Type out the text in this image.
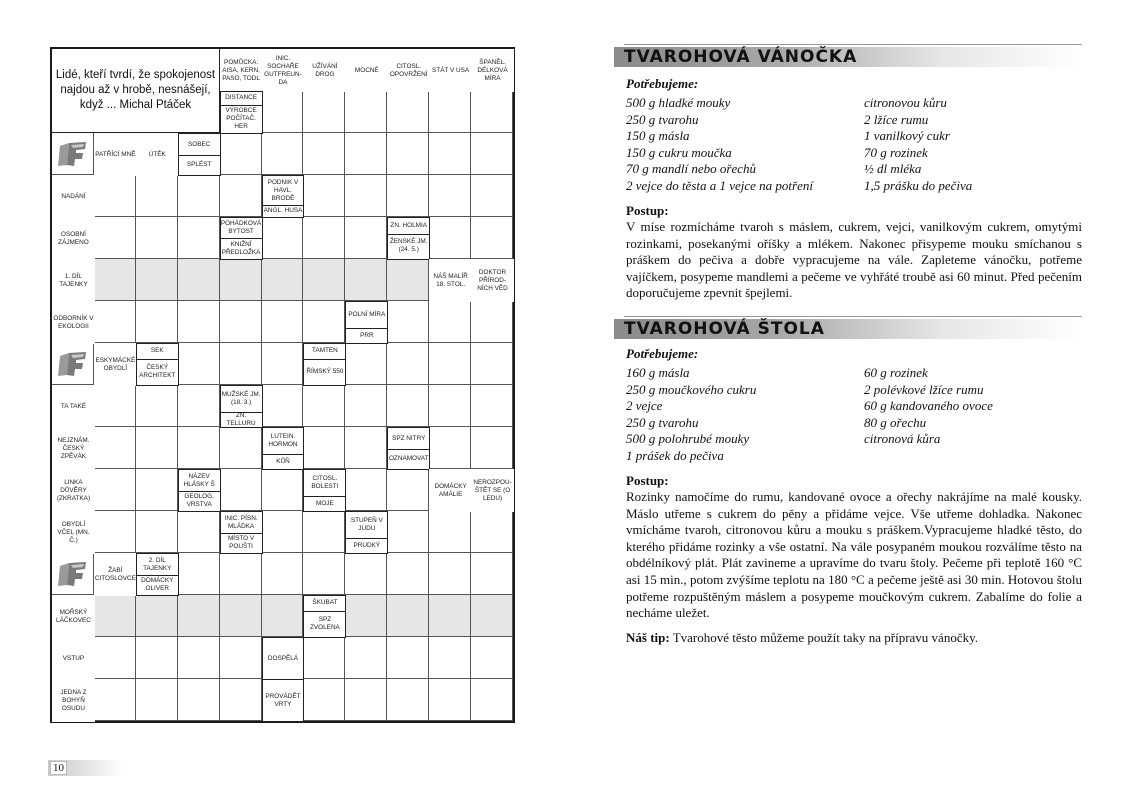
Lidé, kteří tvrdí, že spokojenost najdou až v hrobě, nesnášejí, když ... Michal Ptáček
POMŮCKA: AISA, KERN, PASO, TODL
INIC. SOCHAŘE GUTFREUN-DA
UŽÍVÁNÍ DROG
MOCNÉ
CITOSL. OPOVRŽENÍ
STÁT V USA
ŠPANĚL. DÉLKOVÁ MÍRA
DISTANCE
VÝROBCE POČÍTAČ. HER
PATŘÍCÍ MNĚ	ÚTĚK
SOBEC
SPLÉST
NADÁNÍ
PODNIK V HAVL. BRODĚ
ANGL. HUSA
OSOBNÍ ZÁJMENO
POHÁDKOVÁ BYTOST
KNIŽNÍ PŘEDLOŽKA
ZN. HOLMIA
ŽENSKÉ JM. (24. 5.)
1. DÍL TAJENKY
NÁŠ MALÍŘ 18. STOL.
DOKTOR PŘÍROD-NÍCH VĚD
ODBORNÍK V EKOLOGII
POLNÍ MÍRA
PRR
ESKYMÁCKÉ OBYDLÍ
SEK
ČESKÝ ARCHITEKT
TAMTEN
ŘÍMSKÝ 550
TA TAKÉ
MUŽSKÉ JM. (18. 3.)
ZN. TELLURU
NEJZNÁM. ČESKÝ ZPĚVÁK
LUTEIN. HORMON
KŮŇ
SPZ NITRY
OZNAMOVAT
LINKA DŮVĚRY (ZKRATKA)
NÁZEV HLÁSKY Š
GEOLOG. VRSTVA
CITOSL. BOLESTI
MOJE
DOMÁCKY AMÁLIE
NEROZPOU-ŠTĚT SE (O LEDU)
OBYDLÍ VČEL (MN. Č.)
INIC. PÍSN. MLÁDKA
MÍSTO V POUŠTI
STUPEŇ V JUDU
PRUDKÝ
ŽABÍ CITOSLOVCE
2. DÍL TAJENKY
DOMÁCKY OLIVER
MOŘSKÝ LÁČKOVEC
ŠKUBAT
SPZ ZVOLENA
VSTUP	DOSPĚLÁ
JEDNA Z BOHYŇ OSUDU
PROVÁDĚT VRTY
10
TVAROHOVÁ VÁNOČKA
Potřebujeme:
500 g hladké mouky
250 g tvarohu
150 g másla
150 g cukru moučka
70 g mandlí nebo ořechů
2 vejce do těsta a 1 vejce na potření
citronovou kůru
2 lžíce rumu
1 vanilkový cukr
70 g rozinek
½ dl mléka
1,5 prášku do pečiva
Postup:
V míse rozmícháme tvaroh s máslem, cukrem, vejci, vanilkovým cukrem, omytými rozinkami, posekanými oříšky a mlékem. Nakonec přisypeme mouku smíchanou s práškem do pečiva a dobře vypracujeme na vále. Zapleteme vánočku, potřeme vajíčkem, posypeme mandlemi a pečeme ve vyhřáté troubě asi 60 minut. Před pečením doporučujeme zpevnit špejlemi.
TVAROHOVÁ ŠTOLA
Potřebujeme:
160 g másla
250 g moučkového cukru
2 vejce
250 g tvarohu
500 g polohrubé mouky
1 prášek do pečiva
60 g rozinek
2 polévkové lžíce rumu
60 g kandovaného ovoce
80 g ořechu
citronová kůra
Postup:
Rozinky namočíme do rumu, kandované ovoce a ořechy nakrájíme na malé kousky. Máslo utřeme s cukrem do pěny a přidáme vejce. Vše utřeme dohladka. Nakonec vmícháme tvaroh, citronovou kůru a mouku s práškem.Vypracujeme hladké těsto, do kterého přidáme rozinky a vše ostatní. Na vále posypaném moukou rozválíme těsto na obdélníkový plát. Plát zavineme a upravíme do tvaru štoly. Pečeme při teplotě 160 °C asi 15 min., potom zvýšíme teplotu na 180 °C a pečeme ještě asi 30 min. Hotovou štolu potřeme rozpuštěným máslem a posypeme moučkovým cukrem. Zabalíme do folie a necháme uležet.
Náš tip: Tvarohové těsto můžeme použít taky na přípravu vánočky.
